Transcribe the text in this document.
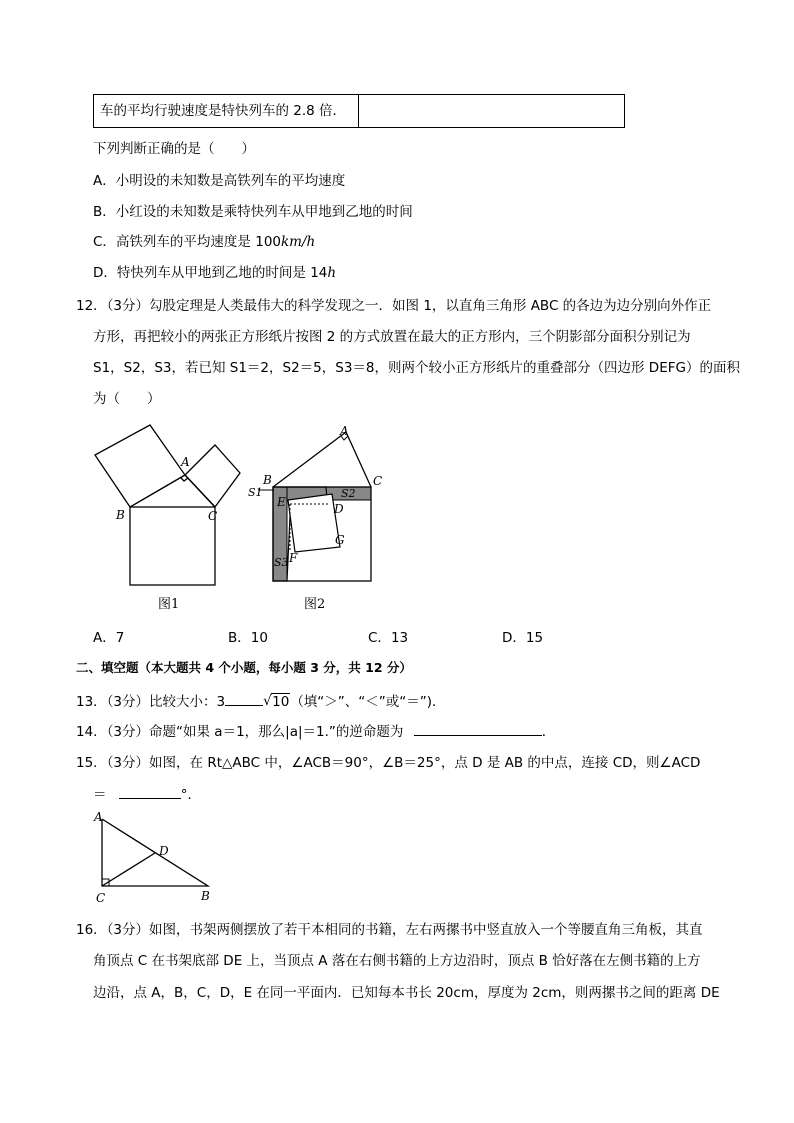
车的平均行驶速度是特快列车的 2.8 倍．
下列判断正确的是（　　）
A．小明设的未知数是高铁列车的平均速度
B．小红设的未知数是乘特快列车从甲地到乙地的时间
C．高铁列车的平均速度是 100km/h
D．特快列车从甲地到乙地的时间是 14h
12．（3分）勾股定理是人类最伟大的科学发现之一．如图 1，以直角三角形 ABC 的各边为边分别向外作正
方形，再把较小的两张正方形纸片按图 2 的方式放置在最大的正方形内，三个阴影部分面积分别记为
S1，S2，S3，若已知 S1＝2，S2＝5，S3＝8，则两个较小正方形纸片的重叠部分（四边形 DEFG）的面积
为（　　）
A
B	C
图1
A
B	C
D
E
F
G
S1	S2
S3
图2
A．7	B．10	C．13	D．15
二、填空题（本大题共 4 个小题，每小题 3 分，共 12 分）
13．（3分）比较大小：3	√ 10（填“＞”、“＜”或“＝”)．
14．（3分）命题“如果 a＝1，那么|a|＝1.”的逆命题为	．
15．（3分）如图，在 Rt△ABC 中，∠ACB＝90°，∠B＝25°，点 D 是 AB 的中点，连接 CD，则∠ACD
＝	°．
A
D
C	B
16．（3分）如图，书架两侧摆放了若干本相同的书籍，左右两摞书中竖直放入一个等腰直角三角板，其直
角顶点 C 在书架底部 DE 上，当顶点 A 落在右侧书籍的上方边沿时，顶点 B 恰好落在左侧书籍的上方
边沿，点 A，B，C，D，E 在同一平面内．已知每本书长 20cm，厚度为 2cm，则两摞书之间的距离 DE
